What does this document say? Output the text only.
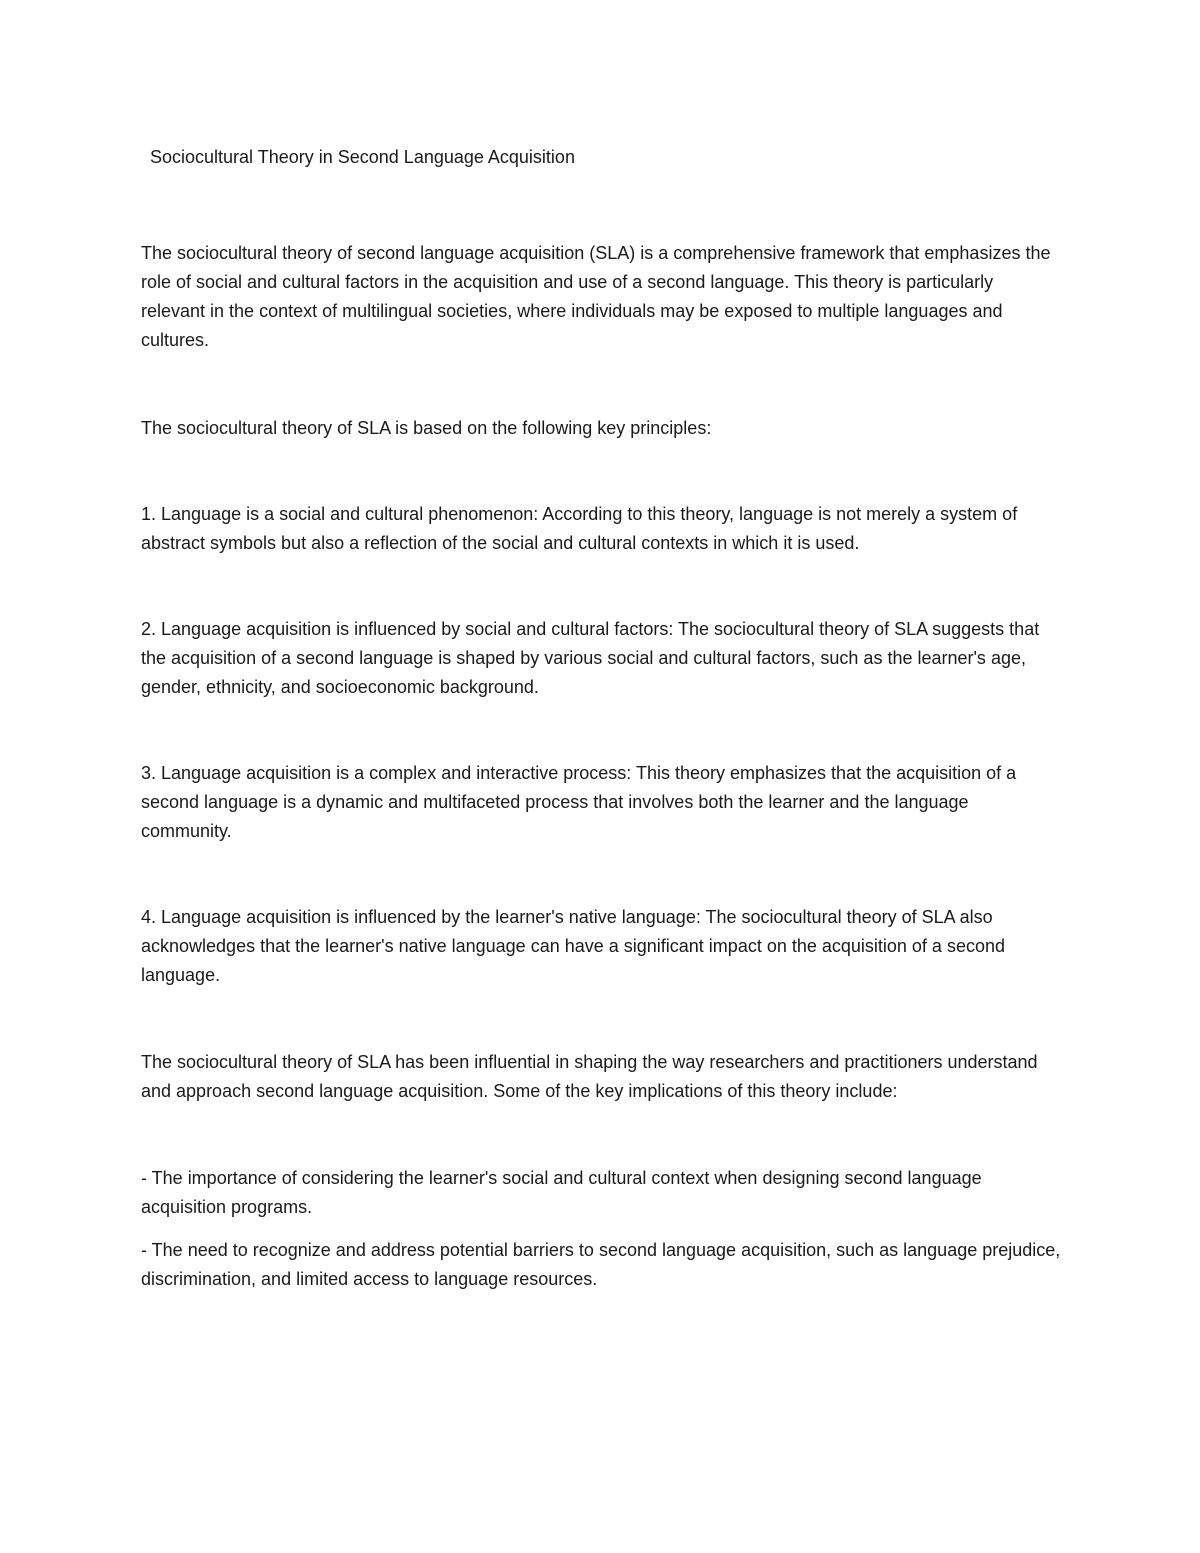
Sociocultural Theory in Second Language Acquisition

The sociocultural theory of second language acquisition (SLA) is a comprehensive framework that emphasizes the role of social and cultural factors in the acquisition and use of a second language. This theory is particularly relevant in the context of multilingual societies, where individuals may be exposed to multiple languages and cultures.

The sociocultural theory of SLA is based on the following key principles:

1. Language is a social and cultural phenomenon: According to this theory, language is not merely a system of abstract symbols but also a reflection of the social and cultural contexts in which it is used.

2. Language acquisition is influenced by social and cultural factors: The sociocultural theory of SLA suggests that the acquisition of a second language is shaped by various social and cultural factors, such as the learner's age, gender, ethnicity, and socioeconomic background.

3. Language acquisition is a complex and interactive process: This theory emphasizes that the acquisition of a second language is a dynamic and multifaceted process that involves both the learner and the language community.

4. Language acquisition is influenced by the learner's native language: The sociocultural theory of SLA also acknowledges that the learner's native language can have a significant impact on the acquisition of a second language.

The sociocultural theory of SLA has been influential in shaping the way researchers and practitioners understand and approach second language acquisition. Some of the key implications of this theory include:

- The importance of considering the learner's social and cultural context when designing second language acquisition programs.

- The need to recognize and address potential barriers to second language acquisition, such as language prejudice, discrimination, and limited access to language resources.
